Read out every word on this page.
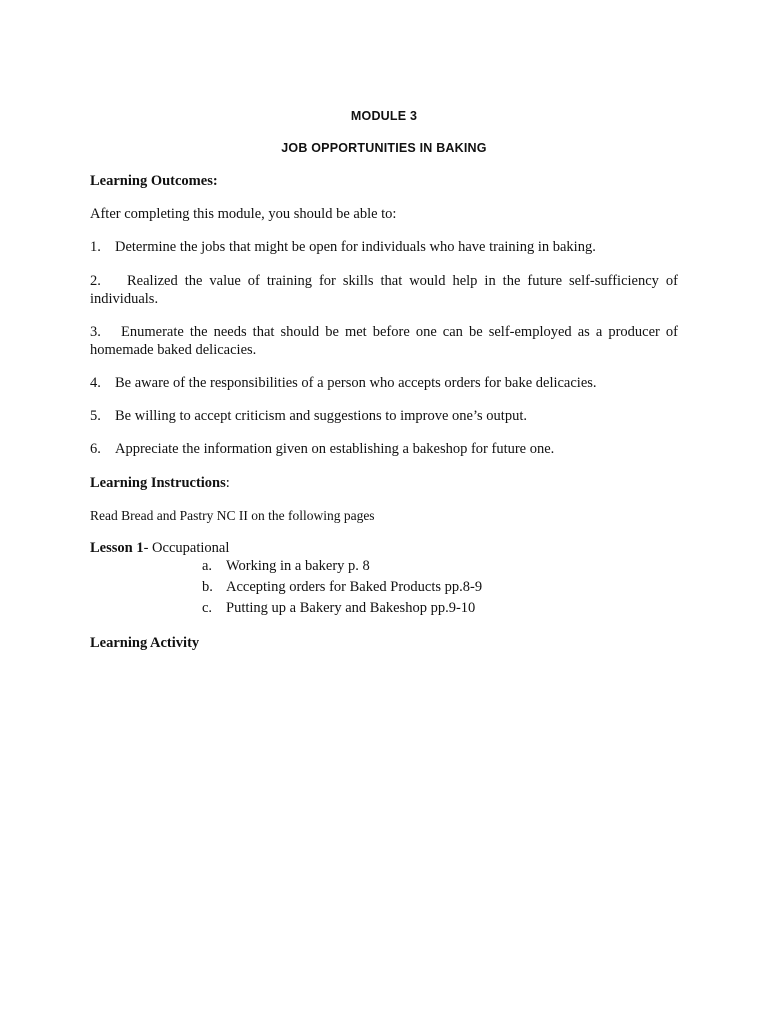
MODULE 3
JOB OPPORTUNITIES IN BAKING
Learning Outcomes:
After completing this module, you should be able to:
1. Determine the jobs that might be open for individuals who have training in baking.
2. Realized the value of training for skills that would help in the future self-sufficiency of individuals.
3. Enumerate the needs that should be met before one can be self-employed as a producer of homemade baked delicacies.
4. Be aware of the responsibilities of a person who accepts orders for bake delicacies.
5. Be willing to accept criticism and suggestions to improve one’s output.
6. Appreciate the information given on establishing a bakeshop for future one.
Learning Instructions:
Read Bread and Pastry NC II on the following pages
Lesson 1- Occupational
a. Working in a bakery p. 8
b. Accepting orders for Baked Products pp.8-9
c. Putting up a Bakery and Bakeshop pp.9-10
Learning Activity
